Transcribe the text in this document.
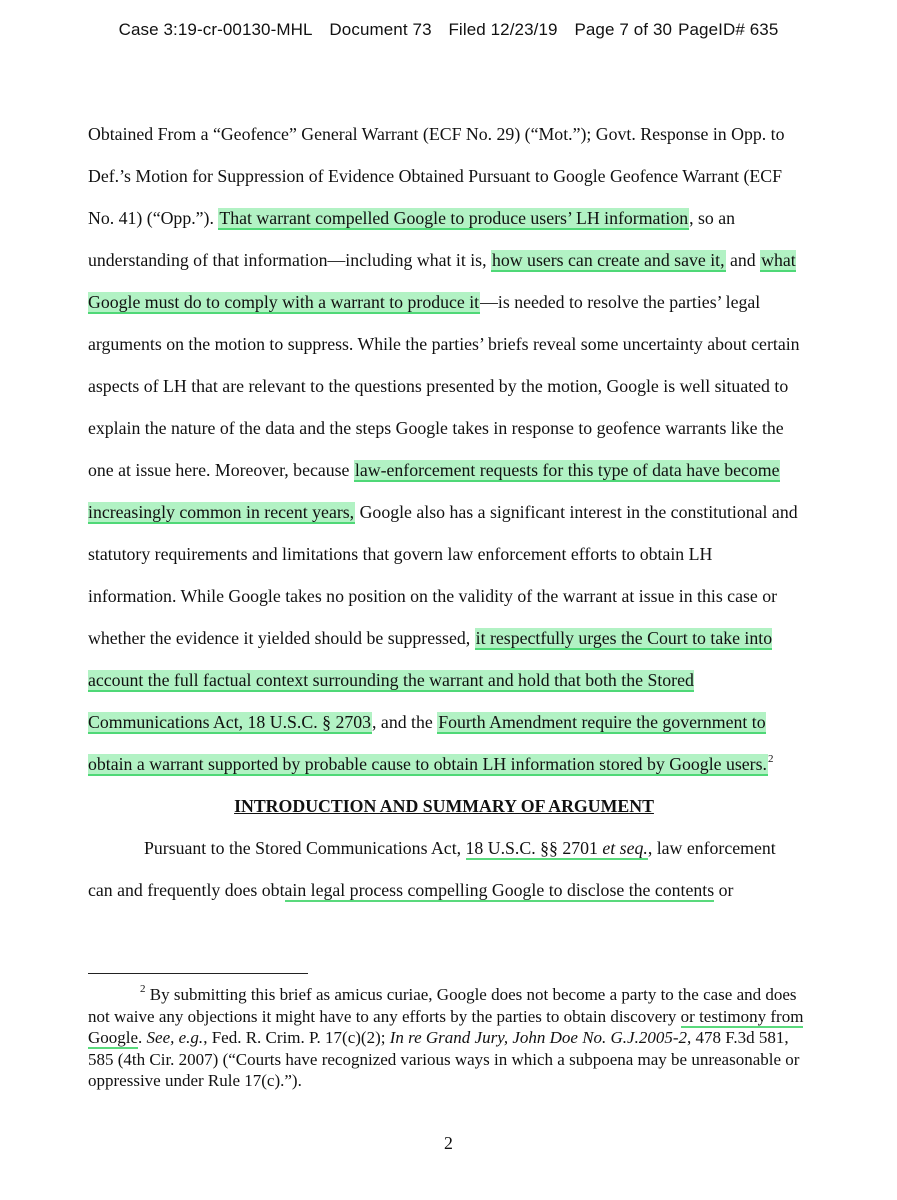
Case 3:19-cr-00130-MHL Document 73 Filed 12/23/19 Page 7 of 30 PageID# 635

Obtained From a “Geofence” General Warrant (ECF No. 29) (“Mot.”); Govt. Response in Opp. to Def.’s Motion for Suppression of Evidence Obtained Pursuant to Google Geofence Warrant (ECF No. 41) (“Opp.”). That warrant compelled Google to produce users’ LH information, so an understanding of that information—including what it is, how users can create and save it, and what Google must do to comply with a warrant to produce it—is needed to resolve the parties’ legal arguments on the motion to suppress. While the parties’ briefs reveal some uncertainty about certain aspects of LH that are relevant to the questions presented by the motion, Google is well situated to explain the nature of the data and the steps Google takes in response to geofence warrants like the one at issue here. Moreover, because law-enforcement requests for this type of data have become increasingly common in recent years, Google also has a significant interest in the constitutional and statutory requirements and limitations that govern law enforcement efforts to obtain LH information. While Google takes no position on the validity of the warrant at issue in this case or whether the evidence it yielded should be suppressed, it respectfully urges the Court to take into account the full factual context surrounding the warrant and hold that both the Stored Communications Act, 18 U.S.C. § 2703, and the Fourth Amendment require the government to obtain a warrant supported by probable cause to obtain LH information stored by Google users.$^2$

INTRODUCTION AND SUMMARY OF ARGUMENT

Pursuant to the Stored Communications Act, 18 U.S.C. §§ 2701 et seq., law enforcement can and frequently does obtain legal process compelling Google to disclose the contents or

$^2$ By submitting this brief as amicus curiae, Google does not become a party to the case and does not waive any objections it might have to any efforts by the parties to obtain discovery or testimony from Google. See, e.g., Fed. R. Crim. P. 17(c)(2); In re Grand Jury, John Doe No. G.J.2005-2, 478 F.3d 581, 585 (4th Cir. 2007) (“Courts have recognized various ways in which a subpoena may be unreasonable or oppressive under Rule 17(c).”).

2
